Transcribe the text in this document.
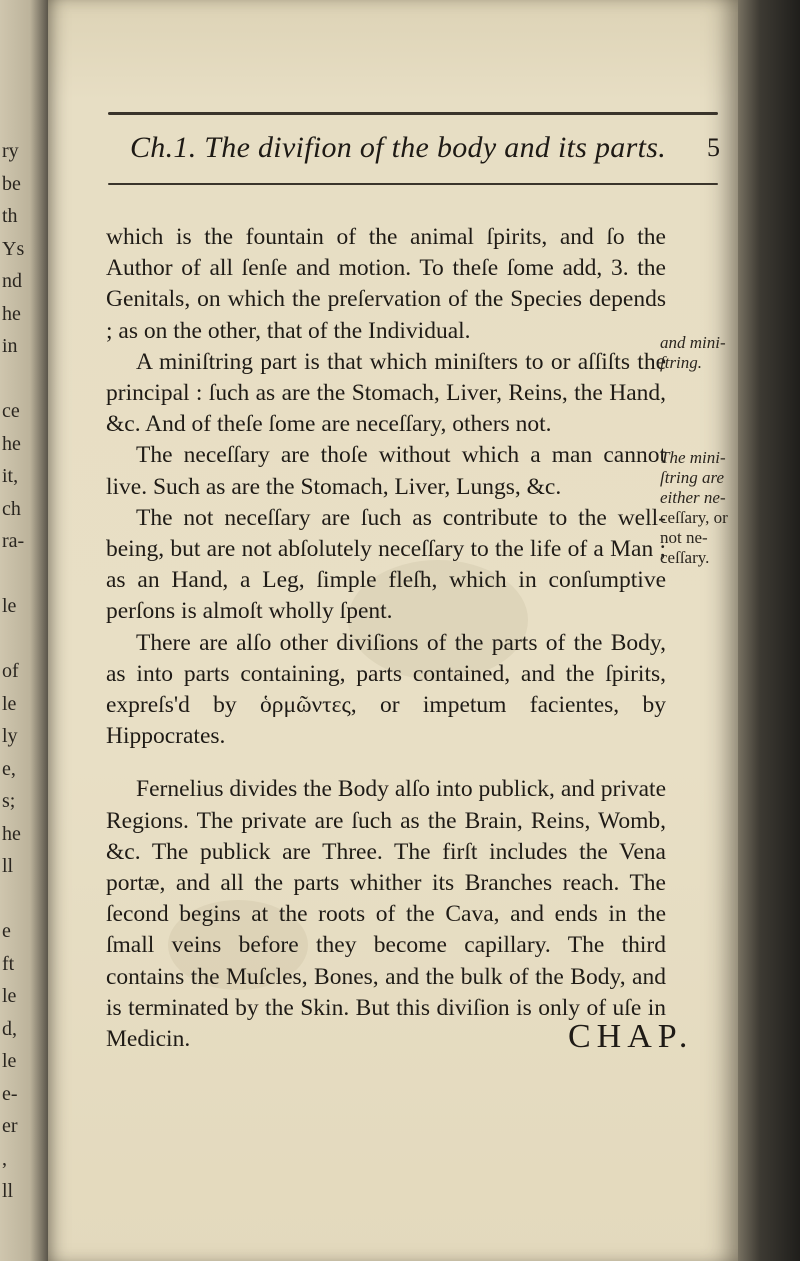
ry
be
th
Ys
nd
he
in
ce
he
it,
ch
ra-
le
of
le
ly
e,
s;
he
ll
e
ft
le
d,
le
e-
er
,
ll
Ch.1. The divifion of the body and its parts. 5

which is the fountain of the animal ſpirits, and ſo the Author of all ſenſe and motion. To theſe ſome add, 3. the Genitals, on which the preſervation of the Species depends ; as on the other, that of the Individual.

A miniſtring part is that which miniſters to or aſſiſts the principal : ſuch as are the Stomach, Liver, Reins, the Hand, &c. And of theſe ſome are neceſſary, others not.

The neceſſary are thoſe without which a man cannot live. Such as are the Stomach, Liver, Lungs, &c.

The not neceſſary are ſuch as contribute to the well-being, but are not abſolutely neceſſary to the life of a Man ; as an Hand, a Leg, ſimple fleſh, which in conſumptive perſons is almoſt wholly ſpent.

There are alſo other diviſions of the parts of the Body, as into parts containing, parts contained, and the ſpirits, expreſs'd by ὁρμῶντες, or impetum facientes, by Hippocrates.

Fernelius divides the Body alſo into publick, and private Regions. The private are ſuch as the Brain, Reins, Womb, &c. The publick are Three. The firſt includes the Vena portæ, and all the parts whither its Branches reach. The ſecond begins at the roots of the Cava, and ends in the ſmall veins before they become capillary. The third contains the Muſcles, Bones, and the bulk of the Body, and is terminated by the Skin. But this diviſion is only of uſe in Medicin.

and mini-
ſtring.
The mini-
ſtring are
either ne-
ceſſary, or
not ne-
ceſſary.
CHAP.
